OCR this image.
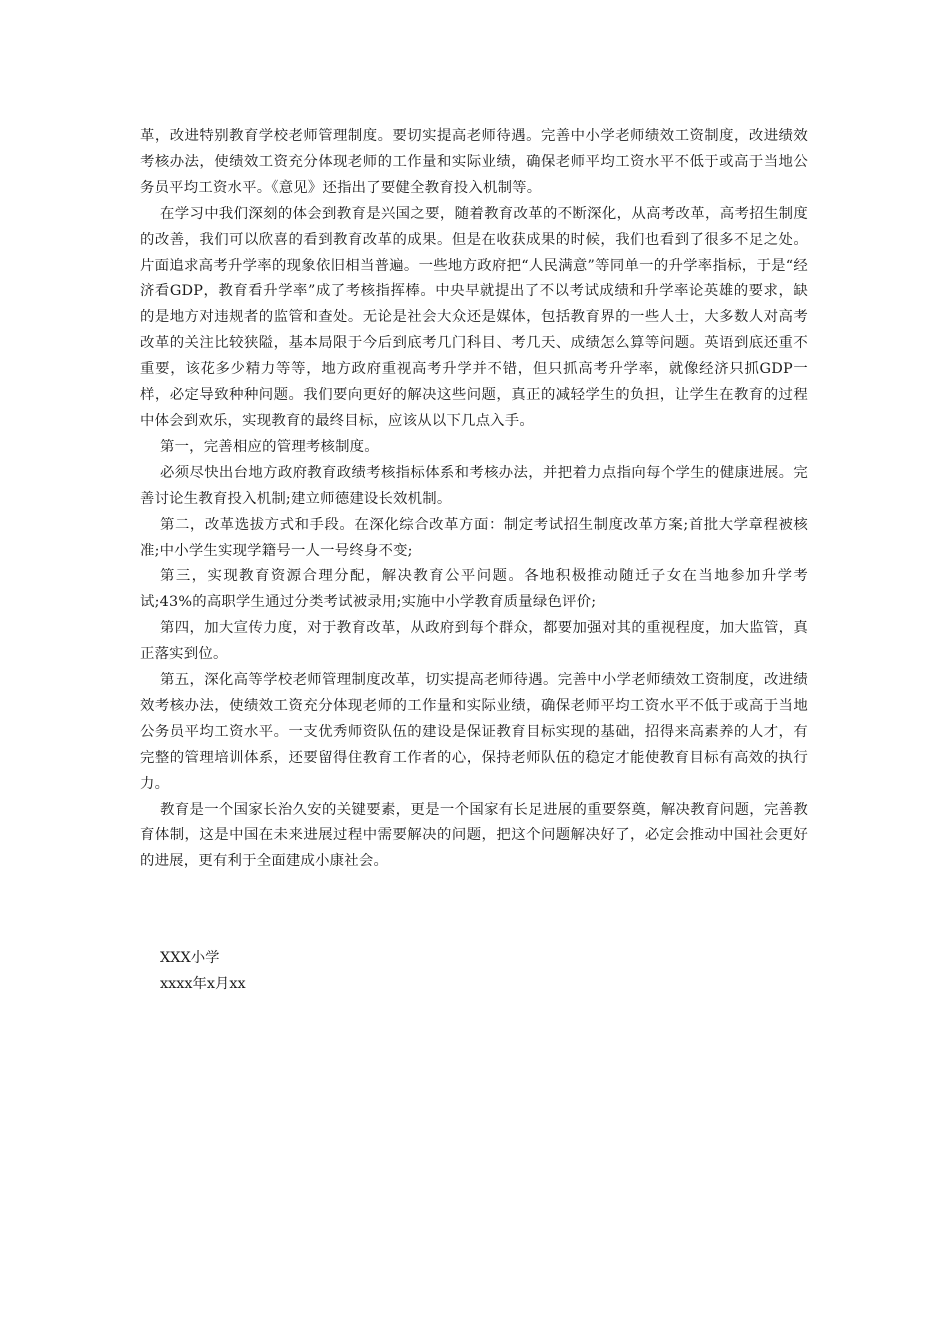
革，改进特别教育学校老师管理制度。要切实提高老师待遇。完善中小学老师绩效工资制度，改进绩效考核办法，使绩效工资充分体现老师的工作量和实际业绩，确保老师平均工资水平不低于或高于当地公务员平均工资水平。《意见》还指出了要健全教育投入机制等。

在学习中我们深刻的体会到教育是兴国之要，随着教育改革的不断深化，从高考改革，高考招生制度的改善，我们可以欣喜的看到教育改革的成果。但是在收获成果的时候，我们也看到了很多不足之处。片面追求高考升学率的现象依旧相当普遍。一些地方政府把“人民满意”等同单一的升学率指标，于是“经济看GDP，教育看升学率”成了考核指挥棒。中央早就提出了不以考试成绩和升学率论英雄的要求，缺的是地方对违规者的监管和查处。无论是社会大众还是媒体，包括教育界的一些人士，大多数人对高考改革的关注比较狭隘，基本局限于今后到底考几门科目、考几天、成绩怎么算等问题。英语到底还重不重要，该花多少精力等等，地方政府重视高考升学并不错，但只抓高考升学率，就像经济只抓GDP一样，必定导致种种问题。我们要向更好的解决这些问题，真正的减轻学生的负担，让学生在教育的过程中体会到欢乐，实现教育的最终目标，应该从以下几点入手。

第一，完善相应的管理考核制度。

必须尽快出台地方政府教育政绩考核指标体系和考核办法，并把着力点指向每个学生的健康进展。完善讨论生教育投入机制;建立师德建设长效机制。

第二，改革选拔方式和手段。在深化综合改革方面：制定考试招生制度改革方案;首批大学章程被核准;中小学生实现学籍号一人一号终身不变;

第三，实现教育资源合理分配，解决教育公平问题。各地积极推动随迁子女在当地参加升学考试;43%的高职学生通过分类考试被录用;实施中小学教育质量绿色评价;

第四，加大宣传力度，对于教育改革，从政府到每个群众，都要加强对其的重视程度，加大监管，真正落实到位。

第五，深化高等学校老师管理制度改革，切实提高老师待遇。完善中小学老师绩效工资制度，改进绩效考核办法，使绩效工资充分体现老师的工作量和实际业绩，确保老师平均工资水平不低于或高于当地公务员平均工资水平。一支优秀师资队伍的建设是保证教育目标实现的基础，招得来高素养的人才，有完整的管理培训体系，还要留得住教育工作者的心，保持老师队伍的稳定才能使教育目标有高效的执行力。

教育是一个国家长治久安的关键要素，更是一个国家有长足进展的重要祭奠，解决教育问题，完善教育体制，这是中国在未来进展过程中需要解决的问题，把这个问题解决好了，必定会推动中国社会更好的进展，更有利于全面建成小康社会。

XXX小学
xxxx年x月xx
